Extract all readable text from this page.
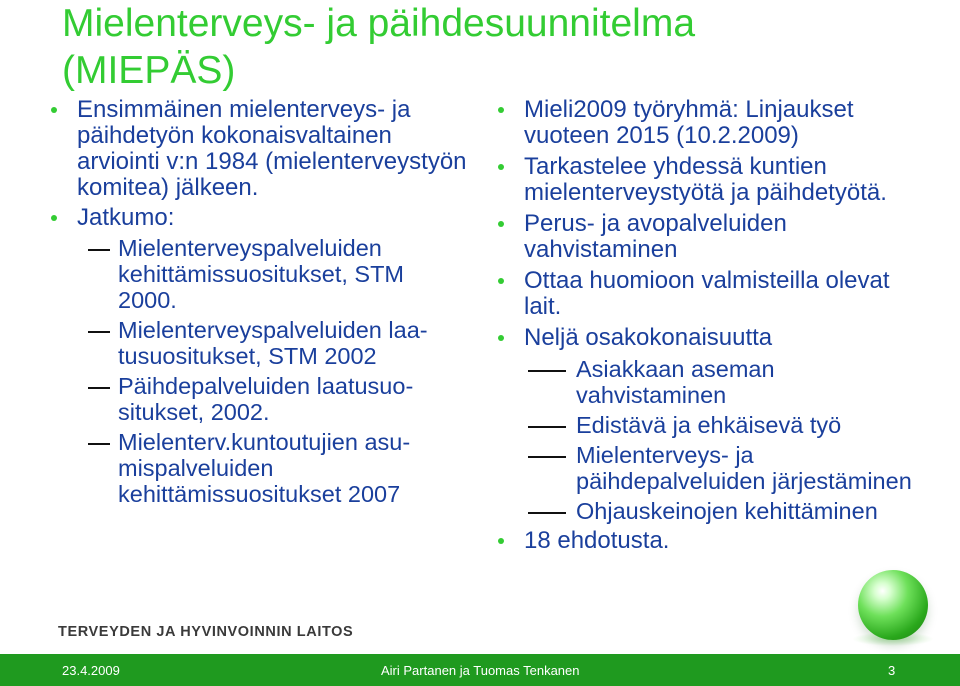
Mielenterveys- ja päihdesuunnitelma
(MIEPÄS)
Ensimmäinen mielenterveys- ja päihdetyön kokonaisvaltainen arviointi v:n 1984 (mielenterveystyön komitea) jälkeen.
Jatkumo:
Mielenterveyspalveluiden kehittämissuositukset, STM 2000.
Mielenterveyspalveluiden laa-tusuositukset, STM 2002
Päihdepalveluiden laatusuo-situkset, 2002.
Mielenterv.kuntoutujien asu-mispalveluiden kehittämissuositukset 2007
Mieli2009 työryhmä: Linjaukset vuoteen 2015 (10.2.2009)
Tarkastelee yhdessä kuntien mielenterveystyötä ja päihdetyötä.
Perus- ja avopalveluiden vahvistaminen
Ottaa huomioon valmisteilla olevat lait.
Neljä osakokonaisuutta
Asiakkaan aseman vahvistaminen
Edistävä ja ehkäisevä työ
Mielenterveys- ja päihdepalveluiden järjestäminen
Ohjauskeinojen kehittäminen
18 ehdotusta.
TERVEYDEN JA HYVINVOINNIN LAITOS
23.4.2009	Airi Partanen ja Tuomas Tenkanen	3
